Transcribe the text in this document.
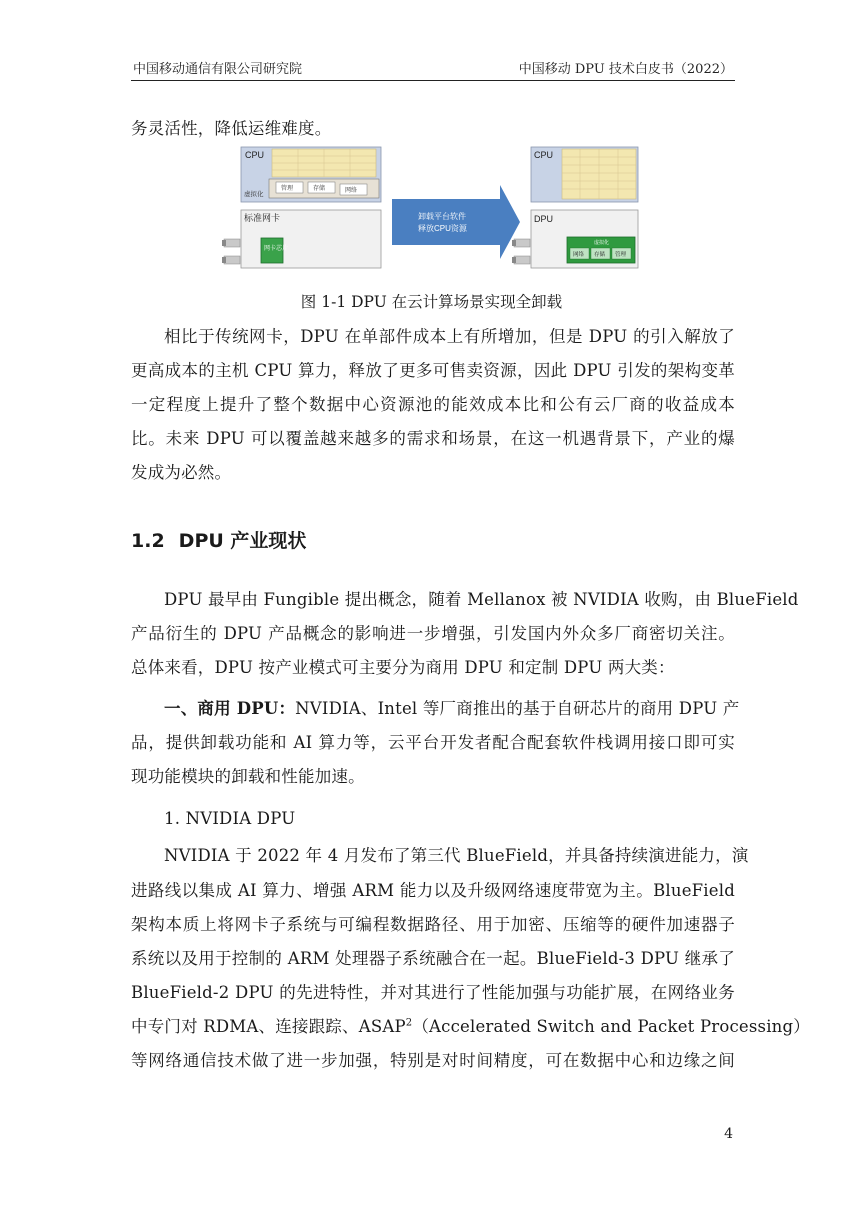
中国移动通信有限公司研究院	中国移动 DPU 技术白皮书（2022）
务灵活性，降低运维难度。
CPU
虚拟化
管理	存储	网络
标准网卡
网卡芯片
卸载平台软件
释放CPU资源
CPU
DPU
虚拟化
网络 存储 管理
图 1-1 DPU 在云计算场景实现全卸载
相比于传统网卡，DPU 在单部件成本上有所增加，但是 DPU 的引入解放了
更高成本的主机 CPU 算力，释放了更多可售卖资源，因此 DPU 引发的架构变革
一定程度上提升了整个数据中心资源池的能效成本比和公有云厂商的收益成本
比。未来 DPU 可以覆盖越来越多的需求和场景，在这一机遇背景下，产业的爆
发成为必然。
1.2 DPU 产业现状
DPU 最早由 Fungible 提出概念，随着 Mellanox 被 NVIDIA 收购，由 BlueField
产品衍生的 DPU 产品概念的影响进一步增强，引发国内外众多厂商密切关注。
总体来看，DPU 按产业模式可主要分为商用 DPU 和定制 DPU 两大类：
一、商用 DPU：NVIDIA、Intel 等厂商推出的基于自研芯片的商用 DPU 产
品，提供卸载功能和 AI 算力等，云平台开发者配合配套软件栈调用接口即可实
现功能模块的卸载和性能加速。
1. NVIDIA DPU
NVIDIA 于 2022 年 4 月发布了第三代 BlueField，并具备持续演进能力，演
进路线以集成 AI 算力、增强 ARM 能力以及升级网络速度带宽为主。BlueField
架构本质上将网卡子系统与可编程数据路径、用于加密、压缩等的硬件加速器子
系统以及用于控制的 ARM 处理器子系统融合在一起。BlueField-3 DPU 继承了
BlueField-2 DPU 的先进特性，并对其进行了性能加强与功能扩展，在网络业务
中专门对 RDMA、连接跟踪、ASAP$^2$（Accelerated Switch and Packet Processing）
等网络通信技术做了进一步加强，特别是对时间精度，可在数据中心和边缘之间
4
